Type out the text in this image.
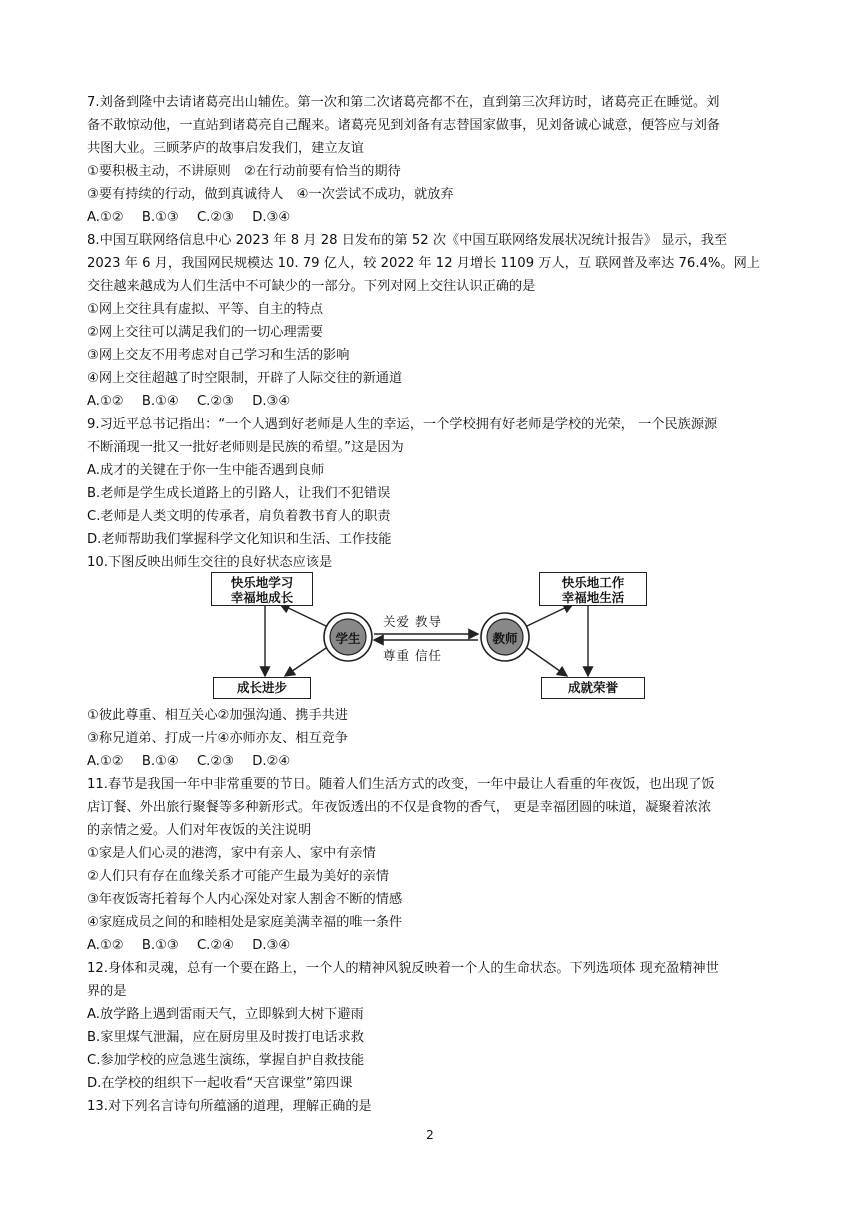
7.刘备到隆中去请诸葛亮出山辅佐。第一次和第二次诸葛亮都不在，直到第三次拜访时，诸葛亮正在睡觉。刘
备不敢惊动他，一直站到诸葛亮自己醒来。诸葛亮见到刘备有志替国家做事，见刘备诚心诚意，便答应与刘备
共图大业。三顾茅庐的故事启发我们，建立友谊
①要积极主动，不讲原则　②在行动前要有恰当的期待
③要有持续的行动，做到真诚待人　④一次尝试不成功，就放弃
A.①② B.①③ C.②③ D.③④
8.中国互联网络信息中心 2023 年 8 月 28 日发布的第 52 次《中国互联网络发展状况统计报告》 显示，我至
2023 年 6 月，我国网民规模达 10. 79 亿人，较 2022 年 12 月增长 1109 万人，互 联网普及率达 76.4%。网上
交往越来越成为人们生活中不可缺少的一部分。下列对网上交往认识正确的是
①网上交往具有虚拟、平等、自主的特点
②网上交往可以满足我们的一切心理需要
③网上交友不用考虑对自己学习和生活的影响
④网上交往超越了时空限制，开辟了人际交往的新通道
A.①② B.①④ C.②③ D.③④
9.习近平总书记指出：“一个人遇到好老师是人生的幸运，一个学校拥有好老师是学校的光荣， 一个民族源源
不断涌现一批又一批好老师则是民族的希望。”这是因为
A.成才的关键在于你一生中能否遇到良师
B.老师是学生成长道路上的引路人，让我们不犯错误
C.老师是人类文明的传承者，肩负着教书育人的职责
D.老师帮助我们掌握科学文化知识和生活、工作技能
10.下图反映出师生交往的良好状态应该是
快乐地学习
幸福地成长
快乐地工作
幸福地生活
成长进步	成就荣誉
学生	教师
关爱 教导
尊重 信任
①彼此尊重、相互关心②加强沟通、携手共进
③称兄道弟、打成一片④亦师亦友、相互竞争
A.①② B.①④ C.②③ D.②④
11.春节是我国一年中非常重要的节日。随着人们生活方式的改变，一年中最让人看重的年夜饭，也出现了饭
店订餐、外出旅行聚餐等多种新形式。年夜饭透出的不仅是食物的香气， 更是幸福团圆的味道，凝聚着浓浓
的亲情之爱。人们对年夜饭的关注说明
①家是人们心灵的港湾，家中有亲人、家中有亲情
②人们只有存在血缘关系才可能产生最为美好的亲情
③年夜饭寄托着每个人内心深处对家人割舍不断的情感
④家庭成员之间的和睦相处是家庭美满幸福的唯一条件
A.①② B.①③ C.②④ D.③④
12.身体和灵魂，总有一个要在路上，一个人的精神风貌反映着一个人的生命状态。下列选项体 现充盈精神世
界的是
A.放学路上遇到雷雨天气，立即躲到大树下避雨
B.家里煤气泄漏，应在厨房里及时拨打电话求救
C.参加学校的应急逃生演练，掌握自护自救技能
D.在学校的组织下一起收看“天宫课堂”第四课
13.对下列名言诗句所蕴涵的道理，理解正确的是
2
